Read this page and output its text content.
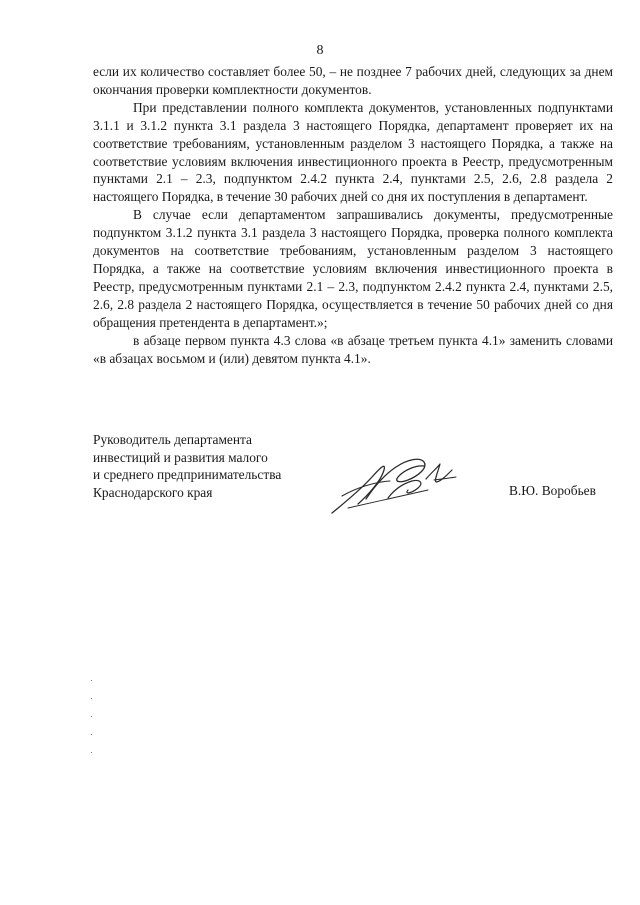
8

если их количество составляет более 50, – не позднее 7 рабочих дней, следующих за днем окончания проверки комплектности документов.

При представлении полного комплекта документов, установленных подпунктами 3.1.1 и 3.1.2 пункта 3.1 раздела 3 настоящего Порядка, департамент проверяет их на соответствие требованиям, установленным разделом 3 настоящего Порядка, а также на соответствие условиям включения инвестиционного проекта в Реестр, предусмотренным пунктами 2.1 – 2.3, подпунктом 2.4.2 пункта 2.4, пунктами 2.5, 2.6, 2.8 раздела 2 настоящего Порядка, в течение 30 рабочих дней со дня их поступления в департамент.

В случае если департаментом запрашивались документы, предусмотренные подпунктом 3.1.2 пункта 3.1 раздела 3 настоящего Порядка, проверка полного комплекта документов на соответствие требованиям, установленным разделом 3 настоящего Порядка, а также на соответствие условиям включения инвестиционного проекта в Реестр, предусмотренным пунктами 2.1 – 2.3, подпунктом 2.4.2 пункта 2.4, пунктами 2.5, 2.6, 2.8 раздела 2 настоящего Порядка, осуществляется в течение 50 рабочих дней со дня обращения претендента в департамент.»;

в абзаце первом пункта 4.3 слова «в абзаце третьем пункта 4.1» заменить словами «в абзацах восьмом и (или) девятом пункта 4.1».

Руководитель департамента
инвестиций и развития малого
и среднего предпринимательства
Краснодарского края	В.Ю. Воробьев
